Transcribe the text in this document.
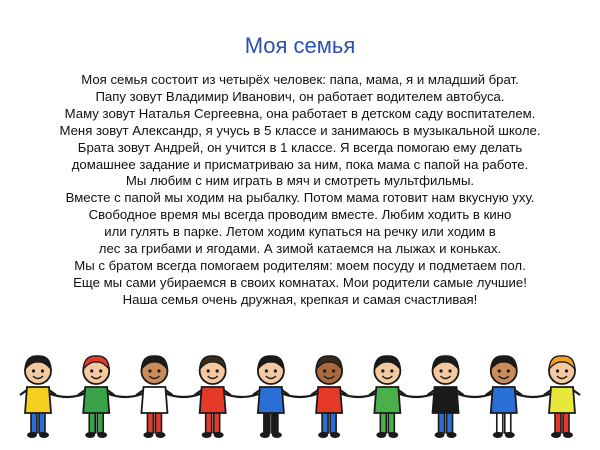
Моя семья
Моя семья состоит из четырёх человек: папа, мама, я и младший брат.
Папу зовут Владимир Иванович, он работает водителем автобуса.
Маму зовут Наталья Сергеевна, она работает в детском саду воспитателем.
Меня зовут Александр, я учусь в 5 классе и занимаюсь в музыкальной школе.
Брата зовут Андрей, он учится в 1 классе. Я всегда помогаю ему делать
домашнее задание и присматриваю за ним, пока мама с папой на работе.
Мы любим с ним играть в мяч и смотреть мультфильмы.
Вместе с папой мы ходим на рыбалку. Потом мама готовит нам вкусную уху.
Свободное время мы всегда проводим вместе. Любим ходить в кино
или гулять в парке. Летом ходим купаться на речку или ходим в
лес за грибами и ягодами. А зимой катаемся на лыжах и коньках.
Мы с братом всегда помогаем родителям: моем посуду и подметаем пол.
Еще мы сами убираемся в своих комнатах. Мои родители самые лучшие!
Наша семья очень дружная, крепкая и самая счастливая!
